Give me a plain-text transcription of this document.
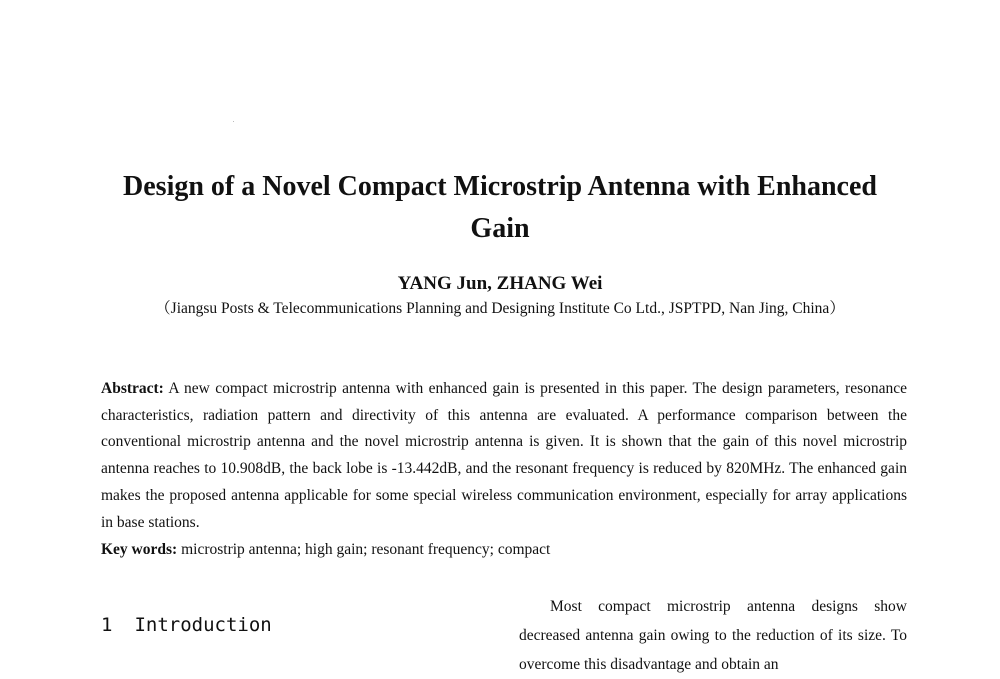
Design of a Novel Compact Microstrip Antenna with Enhanced Gain
YANG Jun, ZHANG Wei
（Jiangsu Posts & Telecommunications Planning and Designing Institute Co Ltd., JSPTPD, Nan Jing, China）

Abstract: A new compact microstrip antenna with enhanced gain is presented in this paper. The design parameters, resonance characteristics, radiation pattern and directivity of this antenna are evaluated. A performance comparison between the conventional microstrip antenna and the novel microstrip antenna is given. It is shown that the gain of this novel microstrip antenna reaches to 10.908dB, the back lobe is -13.442dB, and the resonant frequency is reduced by 820MHz. The enhanced gain makes the proposed antenna applicable for some special wireless communication environment, especially for array applications in base stations.

Key words: microstrip antenna; high gain; resonant frequency; compact
1 Introduction

Most compact microstrip antenna designs show decreased antenna gain owing to the reduction of its size. To overcome this disadvantage and obtain an
